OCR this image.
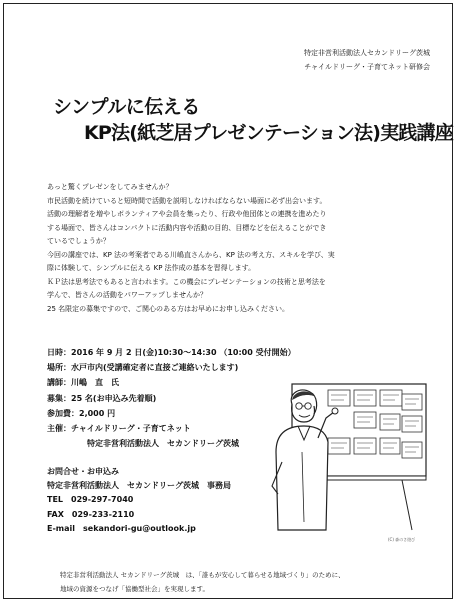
特定非営利活動法人セカンドリーグ茨城
チャイルドリーグ・子育てネット研修会
シンプルに伝える
KP法(紙芝居プレゼンテーション法)実践講座

あっと驚くプレゼンをしてみませんか？

市民活動を続けていると短時間で活動を説明しなければならない場面に必ず出会います。

活動の理解者を増やしボランティアや会員を集ったり、行政や他団体との連携を進めたり

する場面で、皆さんはコンパクトに活動内容や活動の目的、目標などを伝えることができ

ているでしょうか？

今回の講座では、KP 法の考案者である川嶋直さんから、KP 法の考え方、スキルを学び、実

際に体験して、シンプルに伝える KP 法作成の基本を習得します。

ＫＰ法は思考法でもあると言われます。この機会にプレゼンテーションの技術と思考法を

学んで、皆さんの活動をパワーアップしませんか？

25 名限定の募集ですので、ご関心のある方はお早めにお申し込みください。

日時：2016 年 9 月 2 日(金)10:30～14:30 （10:00 受付開始）

場所：水戸市内(受講確定者に直接ご連絡いたします)

講師：川嶋　直　氏

募集：25 名(お申込み先着順)

参加費：2,000 円

主催：チャイルドリーグ・子育てネット

特定非営利活動法人　セカンドリーグ茨城

(C) 森のさ遊び

お問合せ・お申込み

特定非営利活動法人　セカンドリーグ茨城　事務局

TEL　029-297-7040

FAX　029-233-2110

E-mail　sekandori-gu@outlook.jp

特定非営利活動法人 セカンドリーグ茨城　は、「誰もが安心して暮らせる地域づくり」のために、

地域の資源をつなげ「協働型社会」を実現します。
